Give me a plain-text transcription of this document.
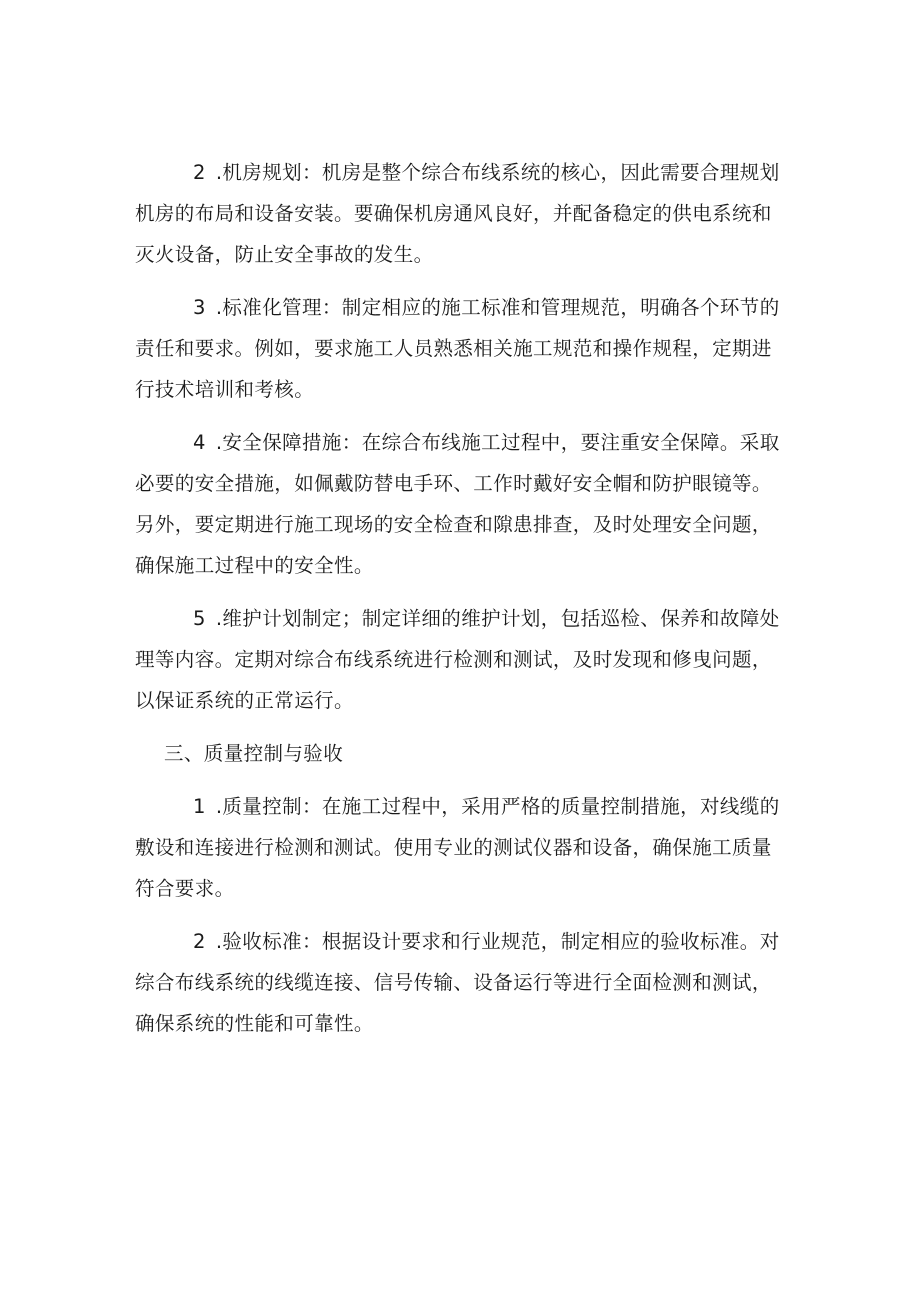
2 .机房规划：机房是整个综合布线系统的核心，因此需要合理规划机房的布局和设备安装。要确保机房通风良好，并配备稳定的供电系统和灭火设备，防止安全事故的发生。

3 .标准化管理：制定相应的施工标准和管理规范，明确各个环节的责任和要求。例如，要求施工人员熟悉相关施工规范和操作规程，定期进行技术培训和考核。

4 .安全保障措施：在综合布线施工过程中，要注重安全保障。采取必要的安全措施，如佩戴防替电手环、工作时戴好安全帽和防护眼镜等。另外，要定期进行施工现场的安全检查和隙患排查，及时处理安全问题，确保施工过程中的安全性。

5 .维护计划制定；制定详细的维护计划，包括巡检、保养和故障处理等内容。定期对综合布线系统进行检测和测试，及时发现和修曳问题，以保证系统的正常运行。

三、质量控制与验收

1 .质量控制：在施工过程中，采用严格的质量控制措施，对线缆的敷设和连接进行检测和测试。使用专业的测试仪器和设备，确保施工质量符合要求。

2 .验收标准：根据设计要求和行业规范，制定相应的验收标准。对综合布线系统的线缆连接、信号传输、设备运行等进行全面检测和测试，确保系统的性能和可靠性。
